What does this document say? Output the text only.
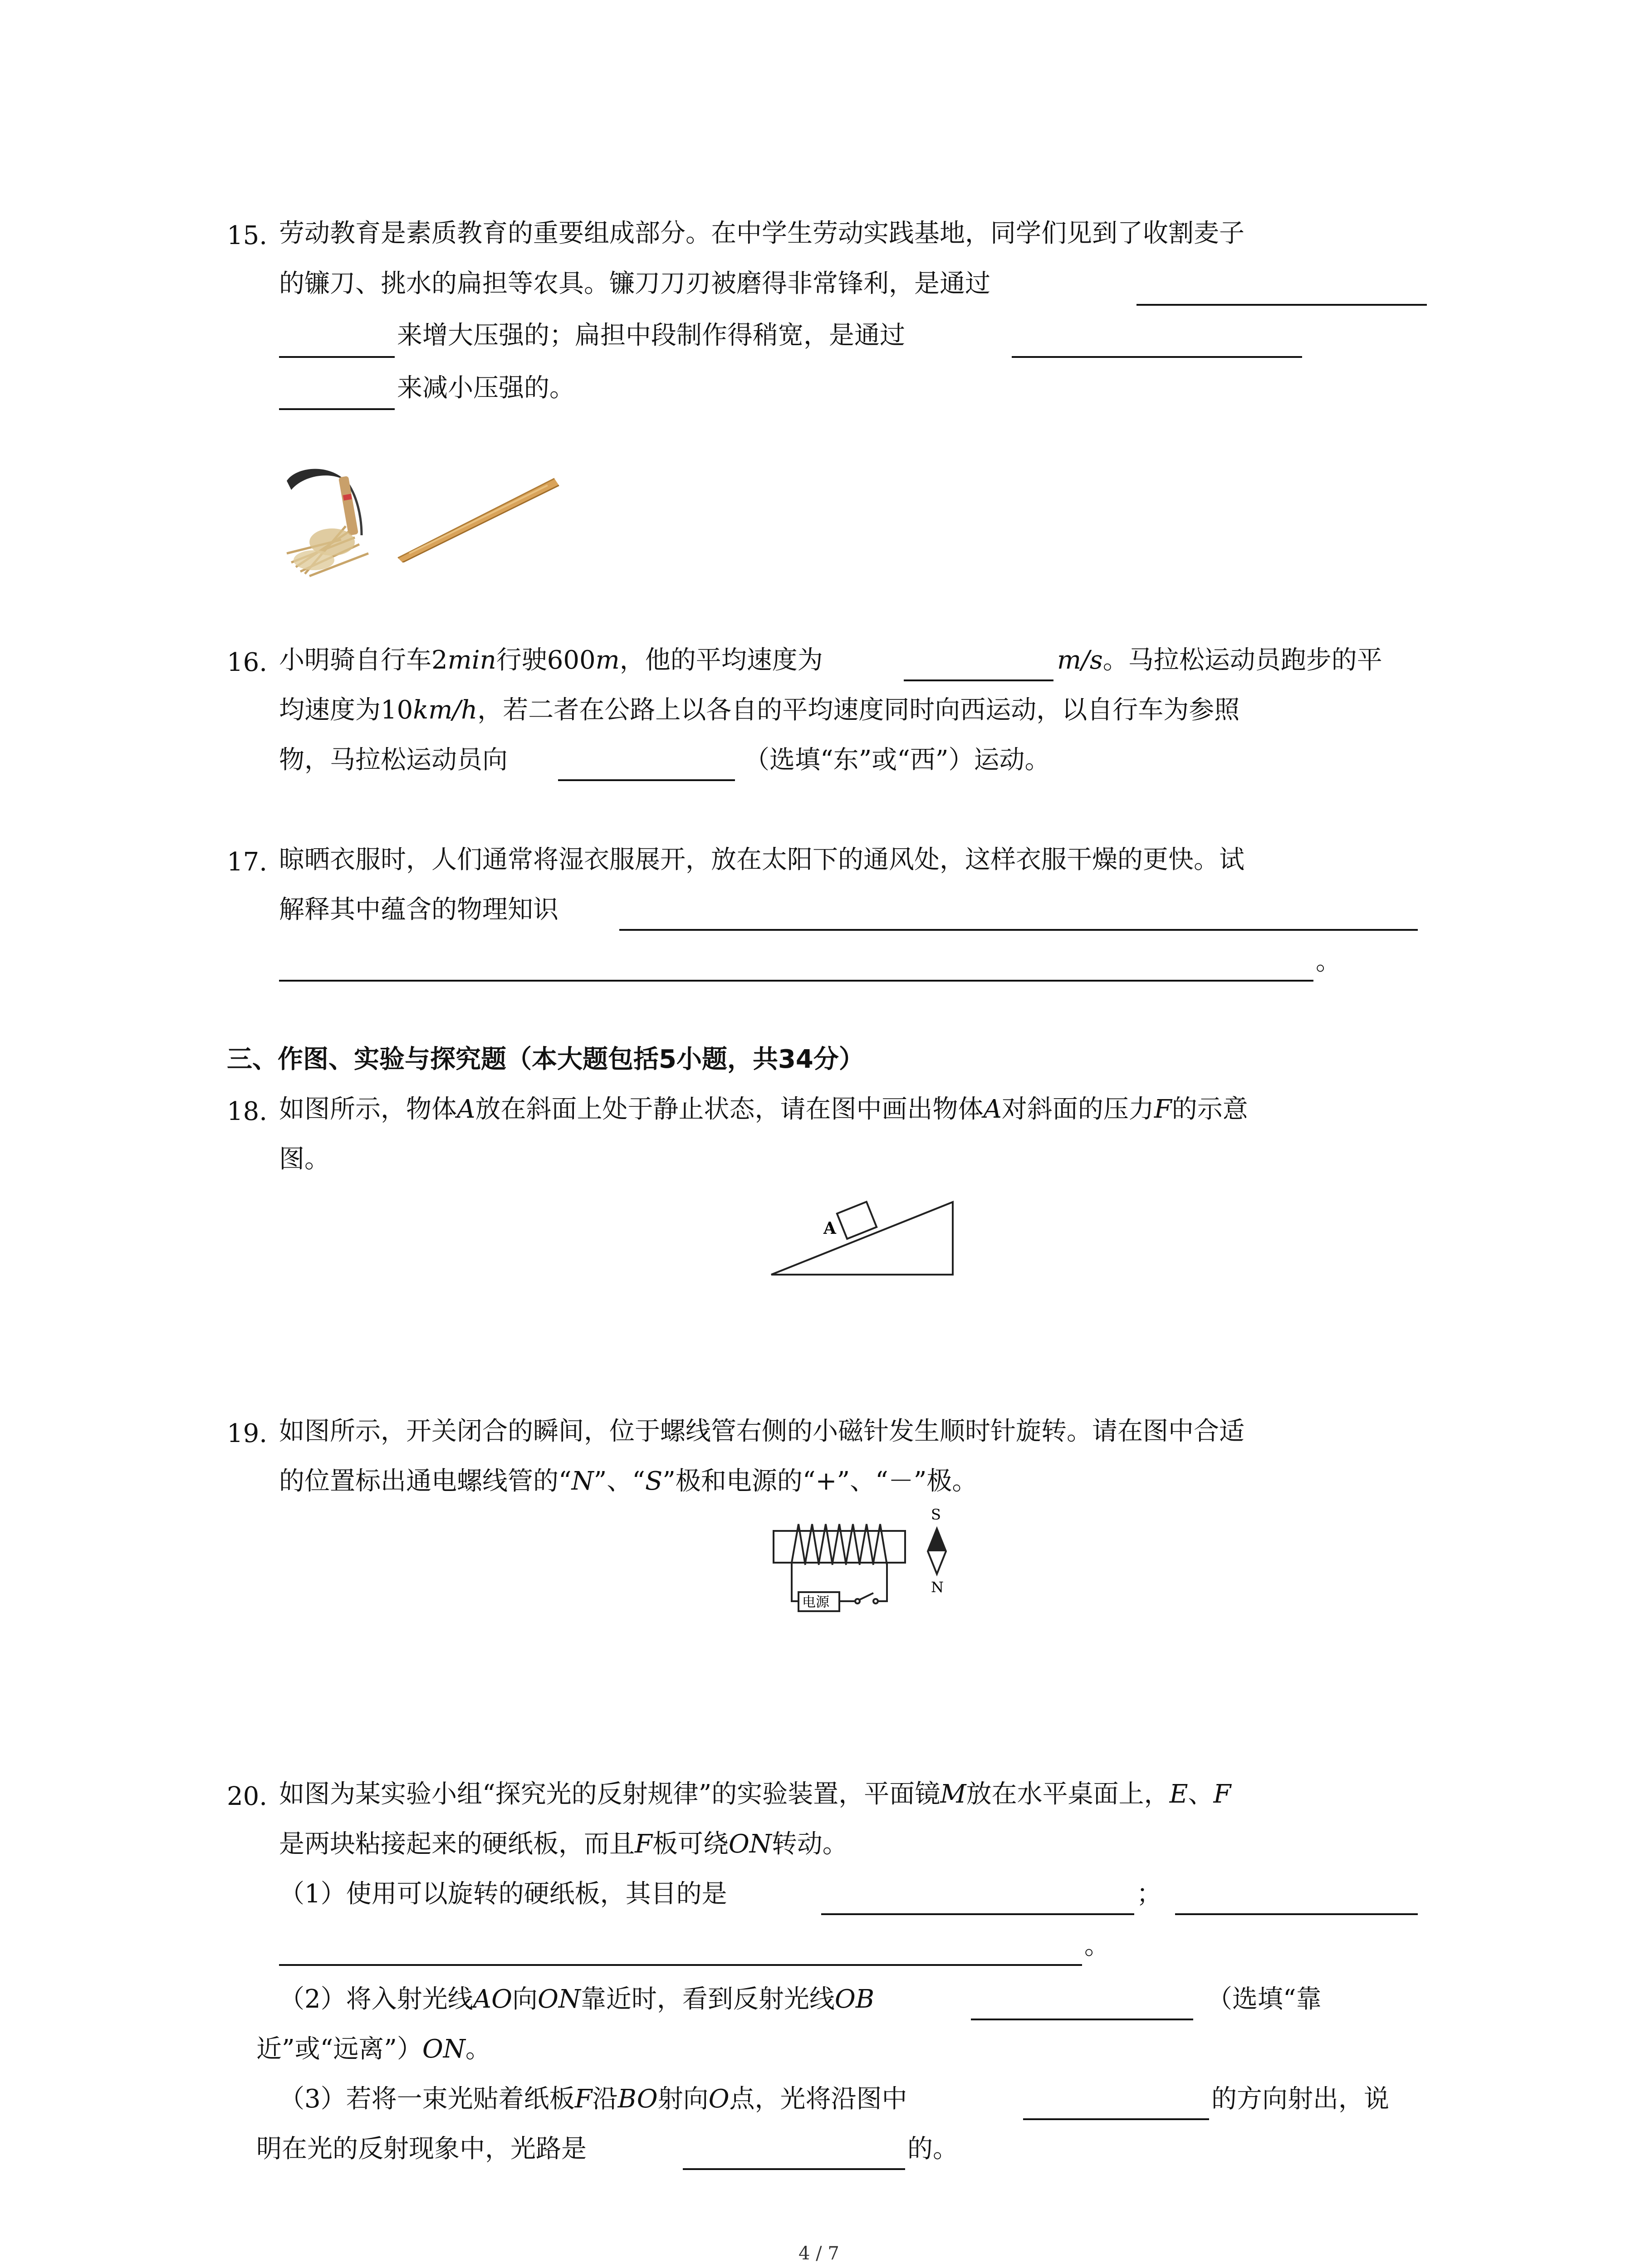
15. 劳动教育是素质教育的重要组成部分。在中学生劳动实践基地，同学们见到了收割麦子
的镰刀、挑水的扁担等农具。镰刀刀刃被磨得非常锋利，是通过
来增大压强的；扁担中段制作得稍宽，是通过
来减小压强的。
16. 小明骑自行车2min行驶600m，他的平均速度为	m/s。马拉松运动员跑步的平
均速度为10km/h，若二者在公路上以各自的平均速度同时向西运动，以自行车为参照
物，马拉松运动员向	（选填“东”或“西”）运动。
17. 晾晒衣服时，人们通常将湿衣服展开，放在太阳下的通风处，这样衣服干燥的更快。试
解释其中蕴含的物理知识
。
三、作图、实验与探究题（本大题包括5小题，共34分）
18. 如图所示，物体A放在斜面上处于静止状态，请在图中画出物体A对斜面的压力F的示意
图。
A
19. 如图所示，开关闭合的瞬间，位于螺线管右侧的小磁针发生顺时针旋转。请在图中合适
的位置标出通电螺线管的“N”、“S”极和电源的“+”、“－”极。
电源
S
N
20. 如图为某实验小组“探究光的反射规律”的实验装置，平面镜M放在水平桌面上，E、F
是两块粘接起来的硬纸板，而且F板可绕ON转动。
（1）使用可以旋转的硬纸板，其目的是	；
。
（2）将入射光线AO向ON靠近时，看到反射光线OB	（选填“靠
近”或“远离”）ON。
（3）若将一束光贴着纸板F沿BO射向O点，光将沿图中	的方向射出，说
明在光的反射现象中，光路是	的。
4 / 7
